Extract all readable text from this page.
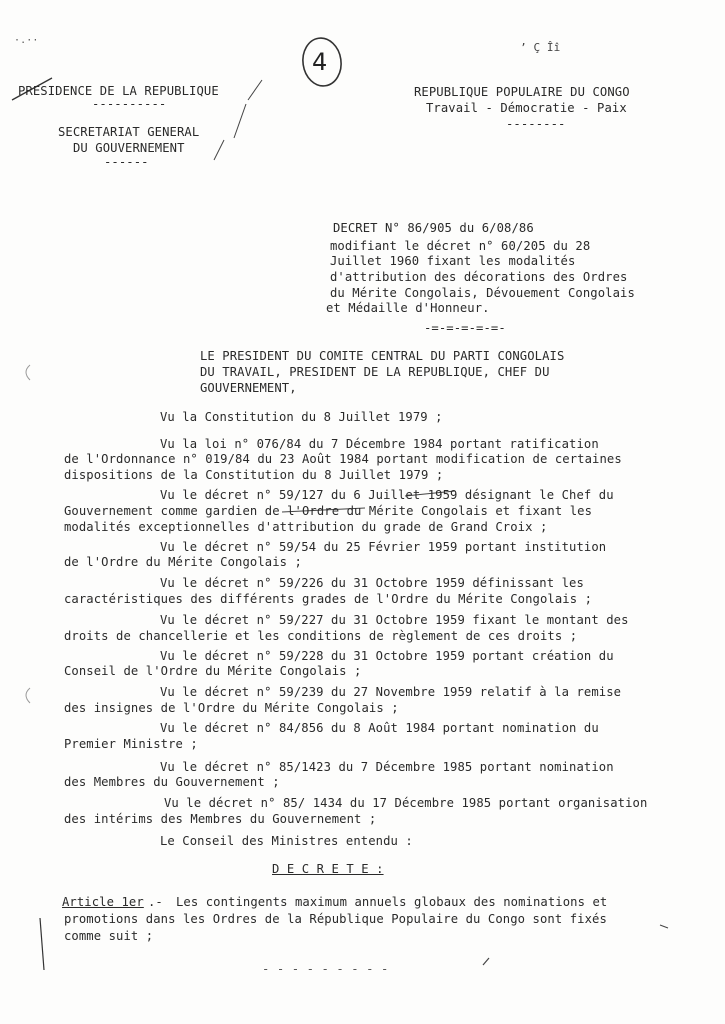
·.··
’ Ç Îî
4
PRESIDENCE DE LA REPUBLIQUE
----------
SECRETARIAT GENERAL
DU GOUVERNEMENT
------
REPUBLIQUE POPULAIRE DU CONGO
Travail - Démocratie - Paix
--------
DECRET N° 86/905 du 6/08/86
modifiant le décret n° 60/205 du 28
Juillet 1960 fixant les modalités
d'attribution des décorations des Ordres
du Mérite Congolais, Dévouement Congolais
et Médaille d'Honneur.
-=-=-=-=-=-
LE PRESIDENT DU COMITE CENTRAL DU PARTI CONGOLAIS
DU TRAVAIL, PRESIDENT DE LA REPUBLIQUE, CHEF DU
GOUVERNEMENT,
Vu la Constitution du 8 Juillet 1979 ;
Vu la loi n° 076/84 du 7 Décembre 1984 portant ratification
de l'Ordonnance n° 019/84 du 23 Août 1984 portant modification de certaines
dispositions de la Constitution du 8 Juillet 1979 ;
Vu le décret n° 59/127 du 6 Juillet 1959 désignant le Chef du
Gouvernement comme gardien de l'Ordre du Mérite Congolais et fixant les
modalités exceptionnelles d'attribution du grade de Grand Croix ;
Vu le décret n° 59/54 du 25 Février 1959 portant institution
de l'Ordre du Mérite Congolais ;
Vu le décret n° 59/226 du 31 Octobre 1959 définissant les
caractéristiques des différents grades de l'Ordre du Mérite Congolais ;
Vu le décret n° 59/227 du 31 Octobre 1959 fixant le montant des
droits de chancellerie et les conditions de règlement de ces droits ;
Vu le décret n° 59/228 du 31 Octobre 1959 portant création du
Conseil de l'Ordre du Mérite Congolais ;
Vu le décret n° 59/239 du 27 Novembre 1959 relatif à la remise
des insignes de l'Ordre du Mérite Congolais ;
Vu le décret n° 84/856 du 8 Août 1984 portant nomination du
Premier Ministre ;
Vu le décret n° 85/1423 du 7 Décembre 1985 portant nomination
des Membres du Gouvernement ;
Vu le décret n° 85/ 1434 du 17 Décembre 1985 portant organisation
des intérims des Membres du Gouvernement ;
Le Conseil des Ministres entendu :
D E C R E T E :
Article 1er .- Les contingents maximum annuels globaux des nominations et
promotions dans les Ordres de la République Populaire du Congo sont fixés
comme suit ;
- - - - - - - - -
